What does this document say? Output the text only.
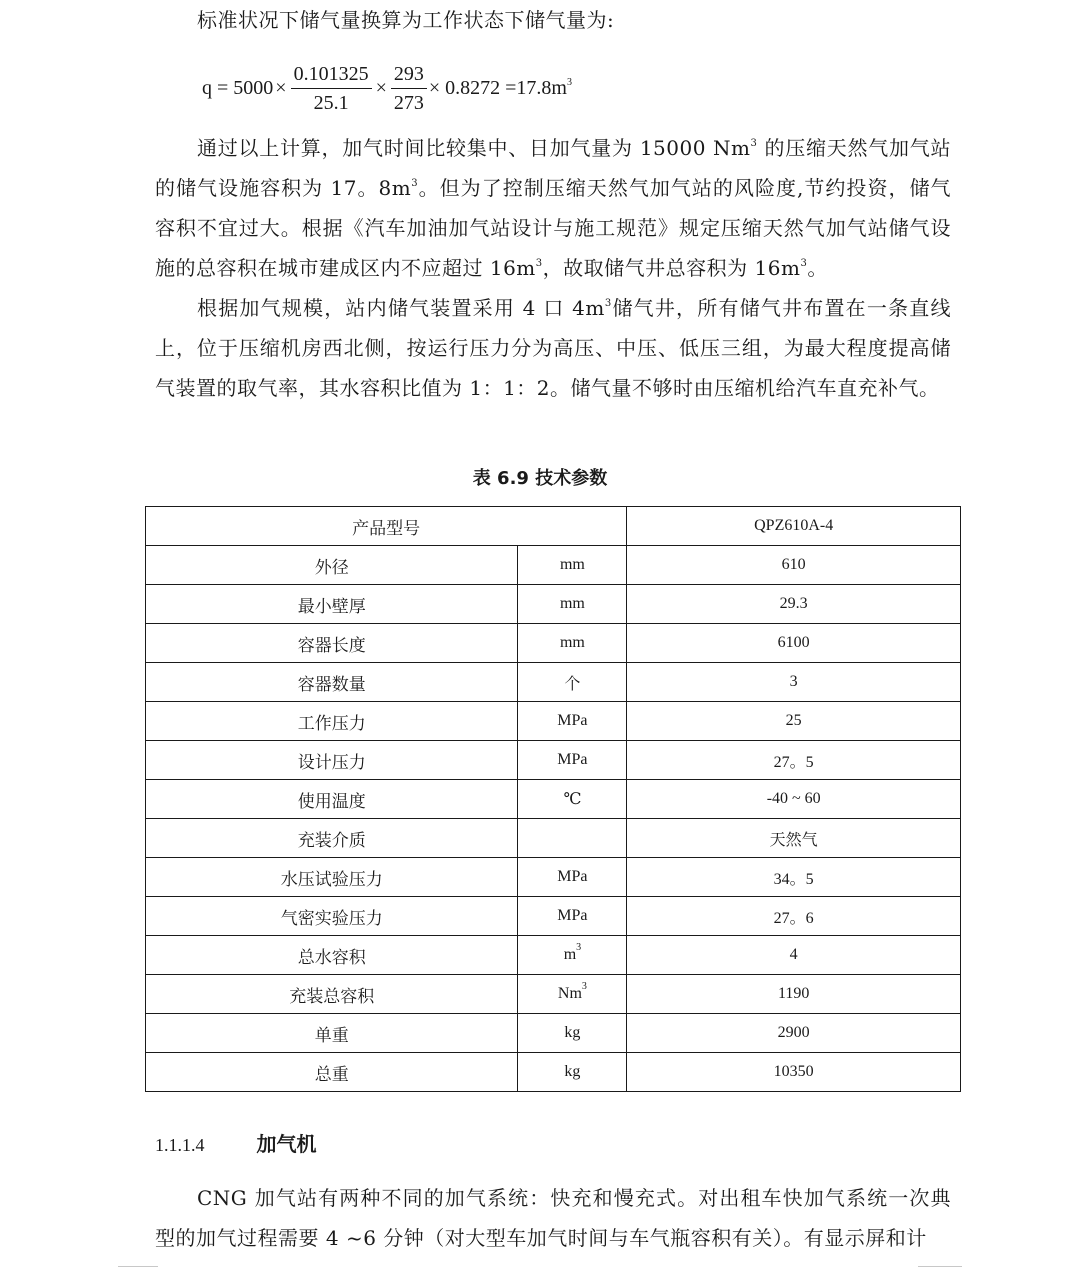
标准状况下储气量换算为工作状态下储气量为:

$q = 5000 \times \frac{0.101325}{25.1} \times \frac{293}{273} \times 0.8272 =17.8m^3$

通过以上计算，加气时间比较集中、日加气量为 15000 Nm$^3$ 的压缩天然气加气站的储气设施容积为 17。$8m^3$。但为了控制压缩天然气加气站的风险度,节约投资，储气容积不宜过大。根据《汽车加油加气站设计与施工规范》规定压缩天然气加气站储气设施的总容积在城市建成区内不应超过 $16m^3$，故取储气井总容积为 $16m^3$。

根据加气规模，站内储气装置采用 4 口 $4m^3$储气井，所有储气井布置在一条直线上，位于压缩机房西北侧，按运行压力分为高压、中压、低压三组，为最大程度提高储气装置的取气率，其水容积比值为 1：1：2。储气量不够时由压缩机给汽车直充补气。

表 6.9 技术参数
产品型号		QPZ610A-4
外径	mm	610
最小壁厚	mm	29.3
容器长度	mm	6100
容器数量	个	3
工作压力	MPa	25
设计压力	MPa	27。5
使用温度	℃	-40 ~ 60
充装介质		天然气
水压试验压力	MPa	34。5
气密实验压力	MPa	27。6
总水容积	$m^3$	4
充装总容积	Nm$^3$	1190
单重	kg	2900
总重	kg	10350
1.1.1.4	加气机

CNG 加气站有两种不同的加气系统：快充和慢充式。对出租车快加气系统一次典型的加气过程需要 4 ~6 分钟（对大型车加气时间与车气瓶容积有关）。有显示屏和计
